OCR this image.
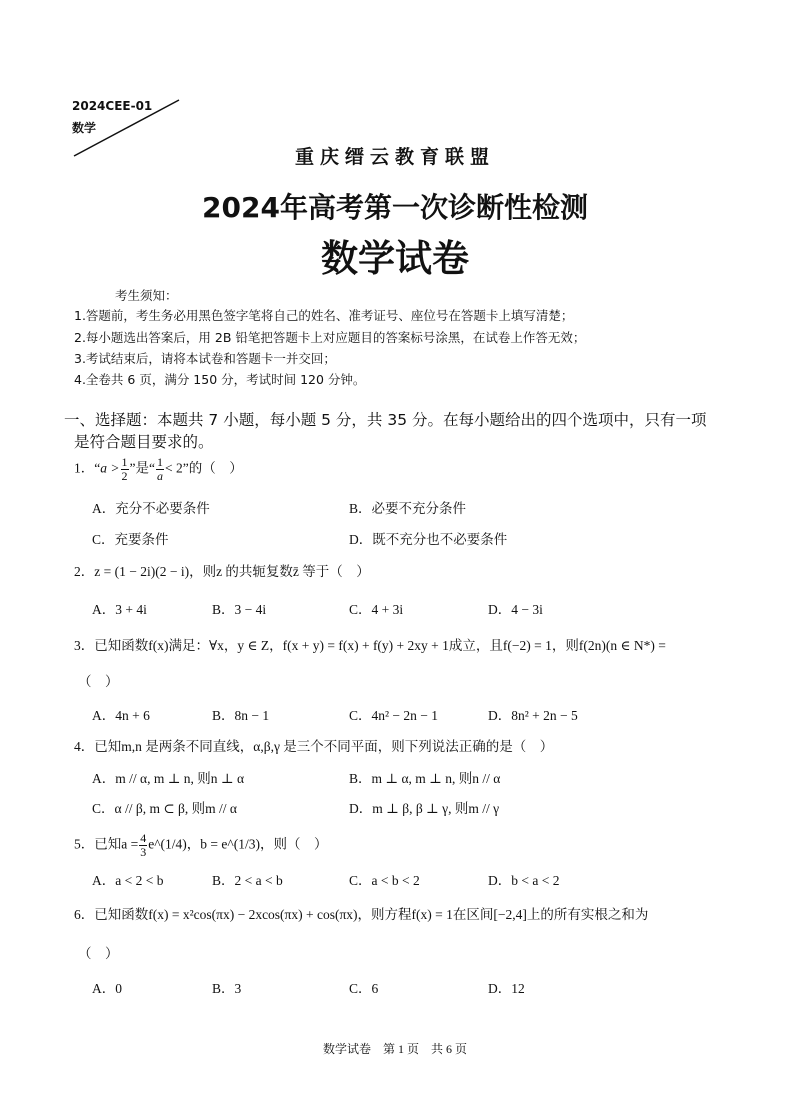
2024CEE-01
数学
重庆缙云教育联盟
2024年高考第一次诊断性检测
数学试卷
考生须知：
1.答题前，考生务必用黑色签字笔将自己的姓名、准考证号、座位号在答题卡上填写清楚；
2.每小题选出答案后，用 2B 铅笔把答题卡上对应题目的答案标号涂黑，在试卷上作答无效；
3.考试结束后，请将本试卷和答题卡一并交回；
4.全卷共 6 页，满分 150 分，考试时间 120 分钟。
一、选择题：本题共 7 小题，每小题 5 分，共 35 分。在每小题给出的四个选项中，只有一项
是符合题目要求的。
1．“$a > \frac{1}{2}$ ”是“ $\frac{1}{a}< 2$”的（　）
A．充分不必要条件	B．必要不充分条件
C．充要条件	D．既不充分也不必要条件
2．z = (1 − 2i)(2 − i)，则z 的共轭复数z̄ 等于（　）
A．3 + 4i	B．3 − 4i	C．4 + 3i	D．4 − 3i
3．已知函数f(x)满足：∀x，y ∈ Z，f(x + y) = f(x) + f(y) + 2xy + 1成立，且f(−2) = 1，则f(2n)(n ∈ N*) =
（　）
A．4n + 6	B．8n − 1	C．4n² − 2n − 1	D．8n² + 2n − 5
4．已知m,n 是两条不同直线，α,β,γ 是三个不同平面，则下列说法正确的是（　）
A．m // α, m ⊥ n, 则n ⊥ α	B．m ⊥ α, m ⊥ n, 则n // α
C．α // β, m ⊂ β, 则m // α	D．m ⊥ β, β ⊥ γ, 则m // γ
5．已知$a = \frac{4}{3}$ e^(1/4)，b = e^(1/3)，则（　）
A．a < 2 < b	B．2 < a < b	C．a < b < 2	D．b < a < 2
6．已知函数f(x) = x²cos(πx) − 2xcos(πx) + cos(πx)，则方程f(x) = 1在区间[−2,4]上的所有实根之和为
（　）
A．0	B．3	C．6	D．12
数学试卷　第 1 页　共 6 页
